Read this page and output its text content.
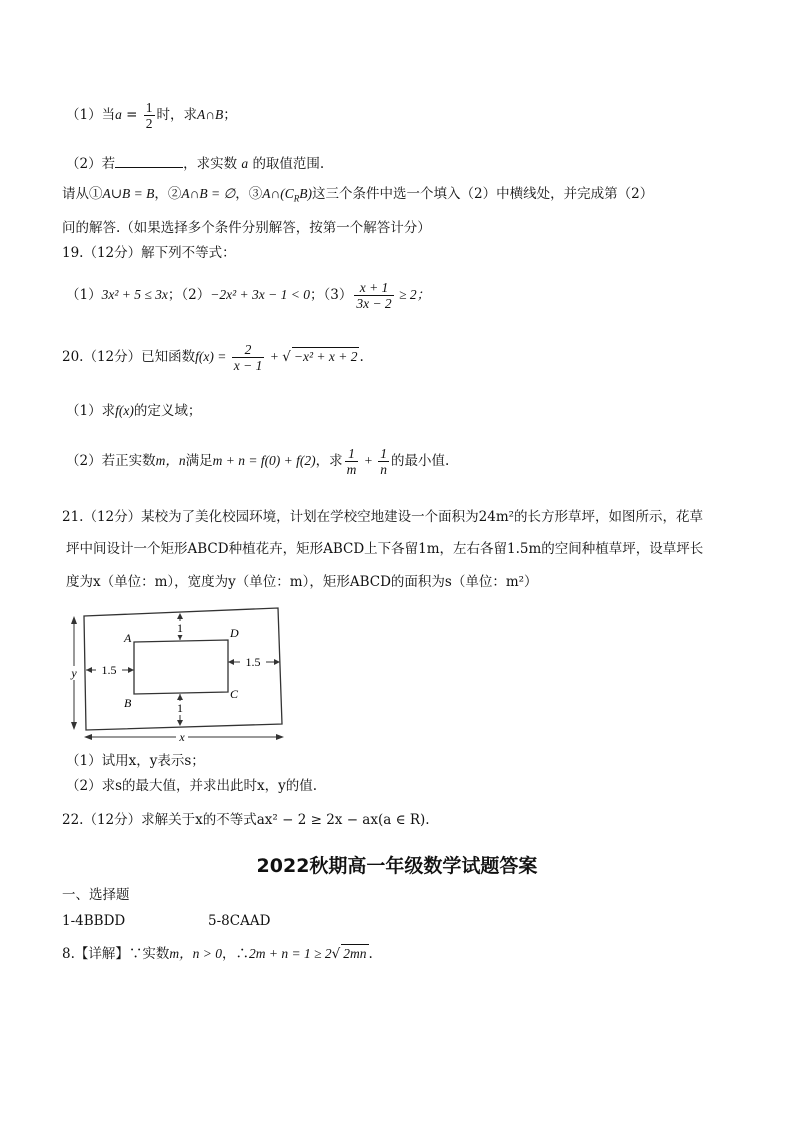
（1）当$a = \frac{1}{2}$ 时，求A∩B；
（2）若	，求实数 a 的取值范围.
请从①A∪B = B，②A∩B = ∅，$③A\cap(C_RB)$这三个条件中选一个填入（2）中横线处，并完成第（2）
问的解答.（如果选择多个条件分别解答，按第一个解答计分）
19.（12分）解下列不等式：
（1）3x² + 5 ≤ 3x；（2）−2x² + 3x − 1 < 0；$(3) \frac{x + 1}{3x - 2} \ge 2$；
20.（12分）已知函数$f(x) = \frac{2}{x - 1}$ + √ −x² + x + 2 .
（1）求f(x)的定义域；
（2）若正实数m，n满足m + n = f(0) + f(2)，求 $\frac{1}{m} + \frac{1}{n}$ 的最小值.
21.（12分）某校为了美化校园环境，计划在学校空地建设一个面积为24m²的长方形草坪，如图所示，花草
坪中间设计一个矩形ABCD种植花卉，矩形ABCD上下各留1m，左右各留1.5m的空间种植草坪，设草坪长
度为x（单位：m），宽度为y（单位：m），矩形ABCD的面积为s（单位：m²）
1
1
1.5
1.5
A	D
B
C
y
x
（1）试用x，y表示s；
（2）求s的最大值，并求出此时x，y的值.
22.（12分）求解关于x的不等式ax² − 2 ≥ 2x − ax(a ∈ R).
2022秋期高一年级数学试题答案
一、选择题
1-4BBDD	5-8CAAD
8.【详解】∵实数m，n > 0，∴2m + n = 1 ≥ 2√ 2mn .
